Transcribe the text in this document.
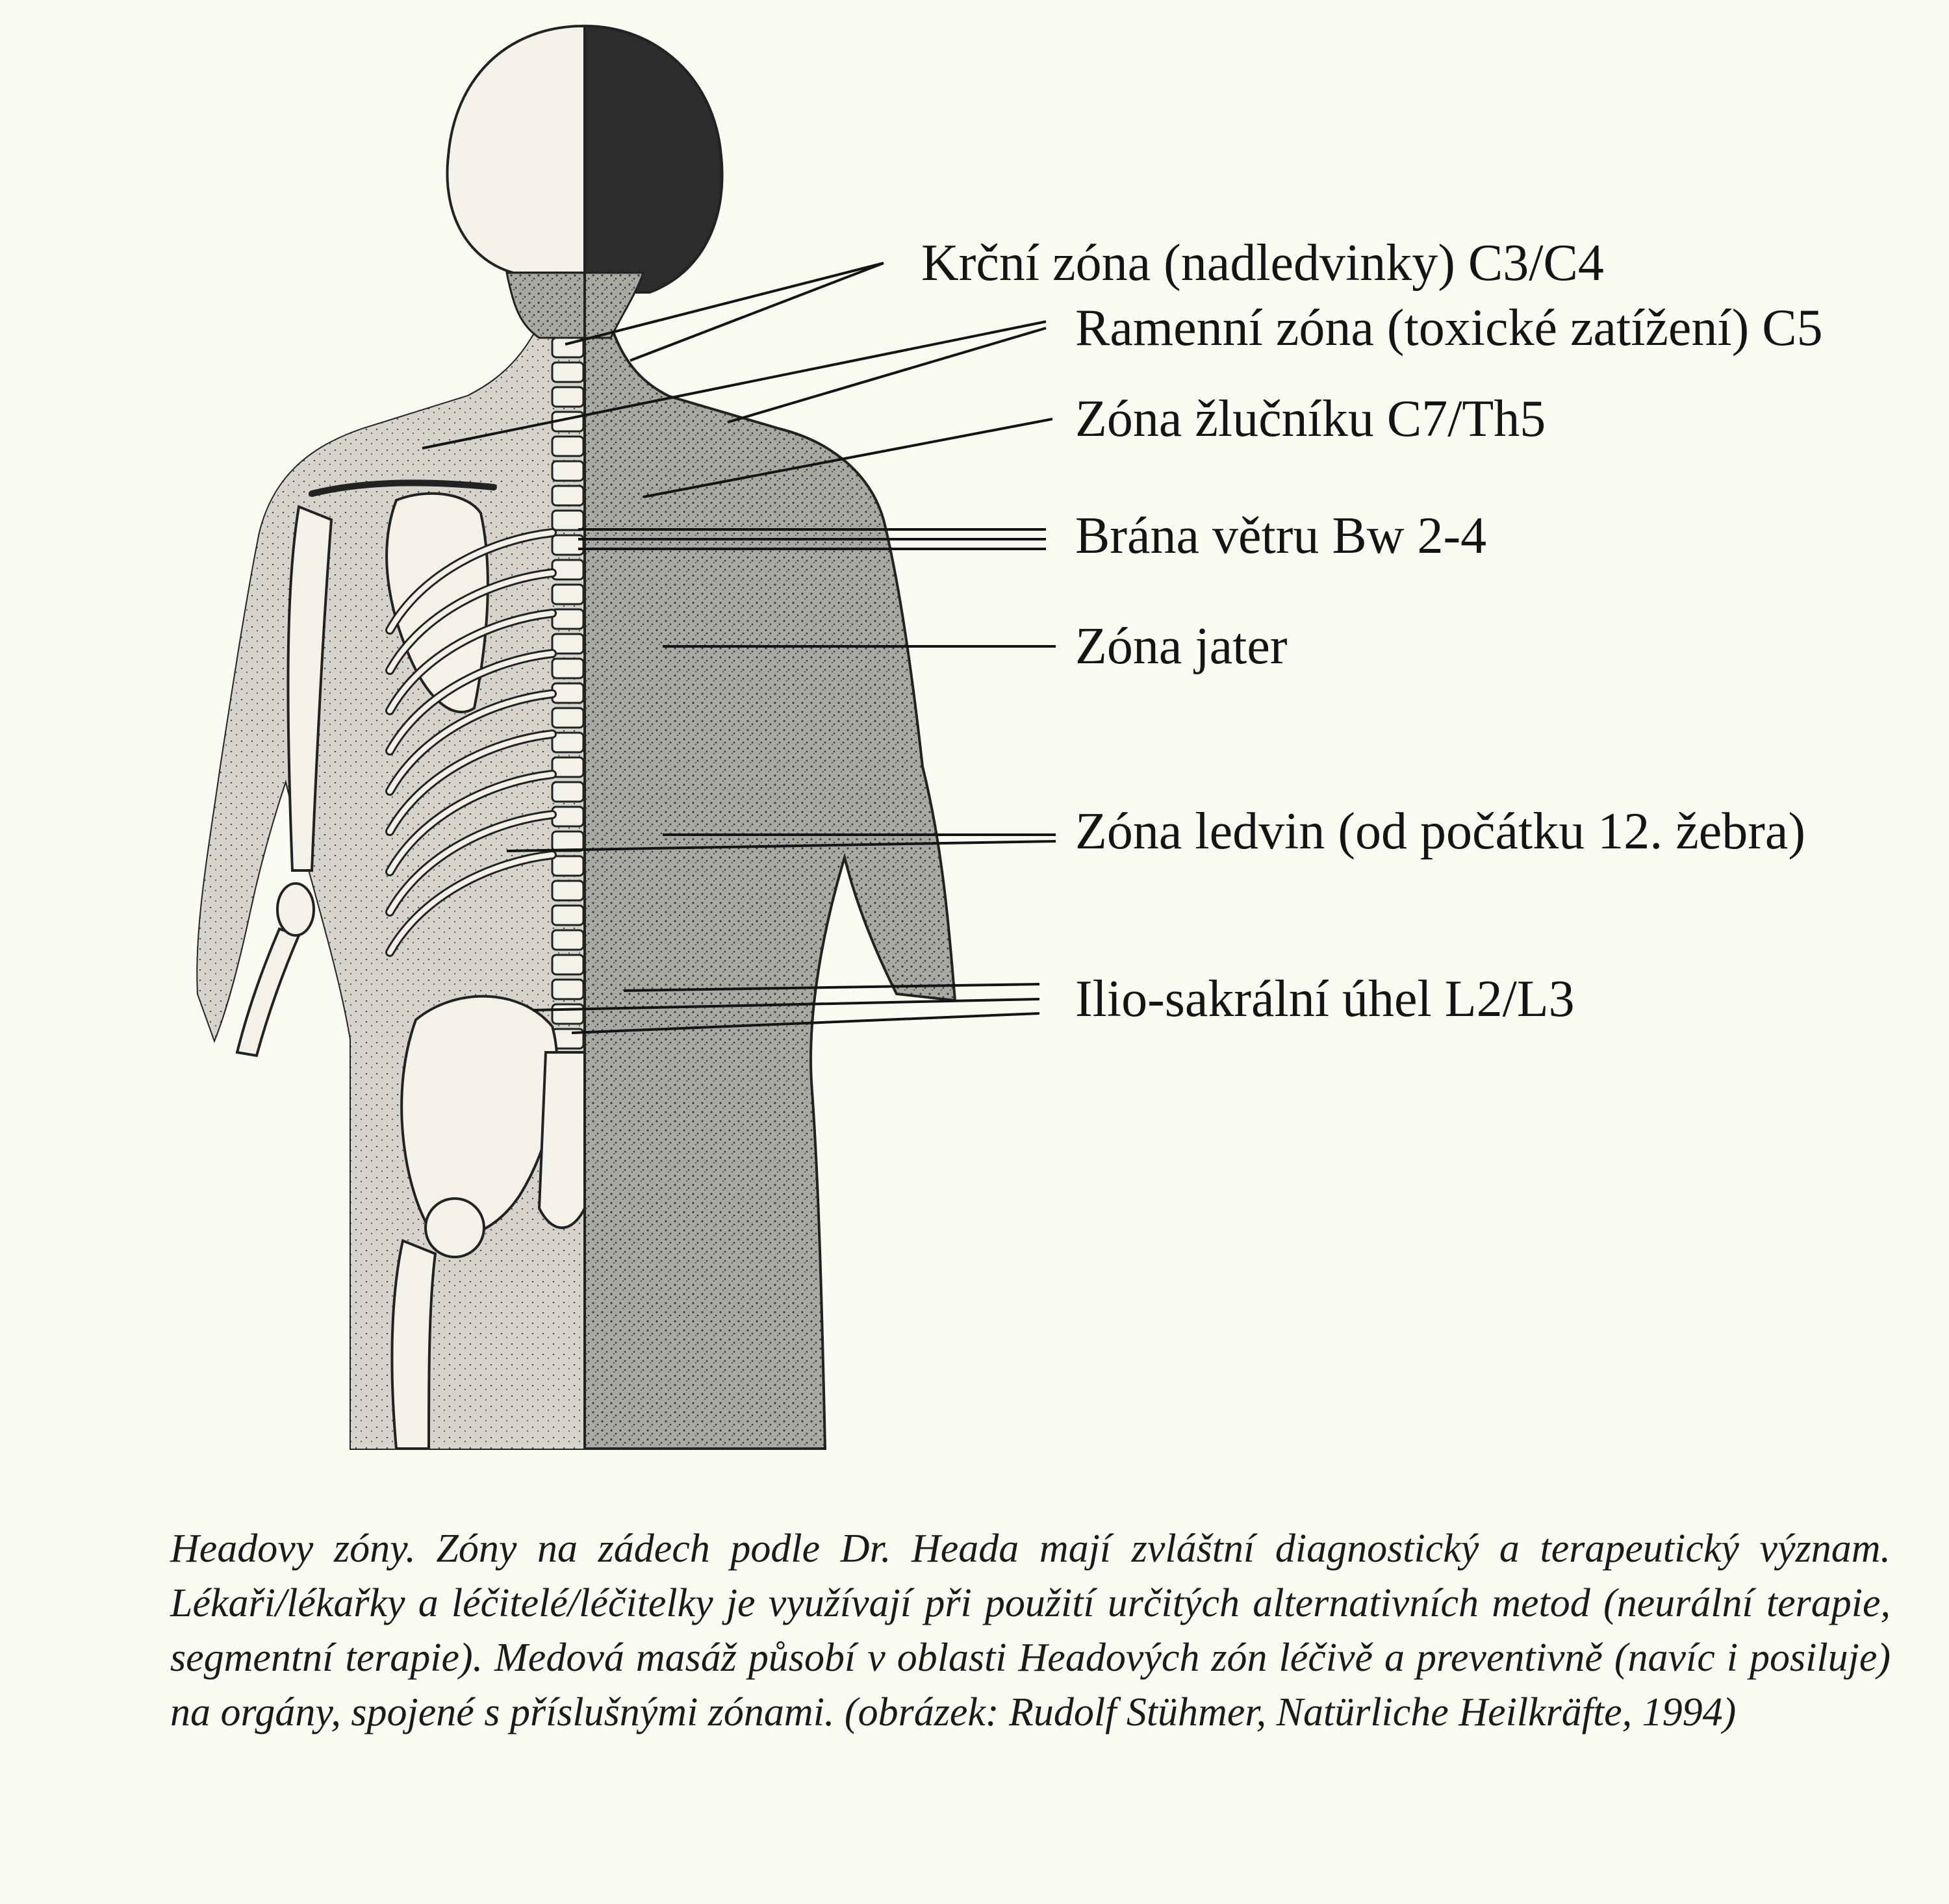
Krční zóna (nadledvinky) C3/C4
Ramenní zóna (toxické zatížení) C5
Zóna žlučníku C7/Th5
Brána větru Bw 2-4
Zóna jater
Zóna ledvin (od počátku 12. žebra)
Ilio-sakrální úhel L2/L3

Headovy zóny. Zóny na zádech podle Dr. Heada mají zvláštní diagnostický a terapeutický význam. Lékaři/lékařky a léčitelé/léčitelky je využívají při použití určitých alternativních metod (neurální terapie, segmentní terapie). Medová masáž působí v oblasti Headových zón léčivě a preventivně (navíc i posiluje) na orgány, spojené s příslušnými zónami. (obrázek: Rudolf Stühmer, Natürliche Heilkräfte, 1994)
